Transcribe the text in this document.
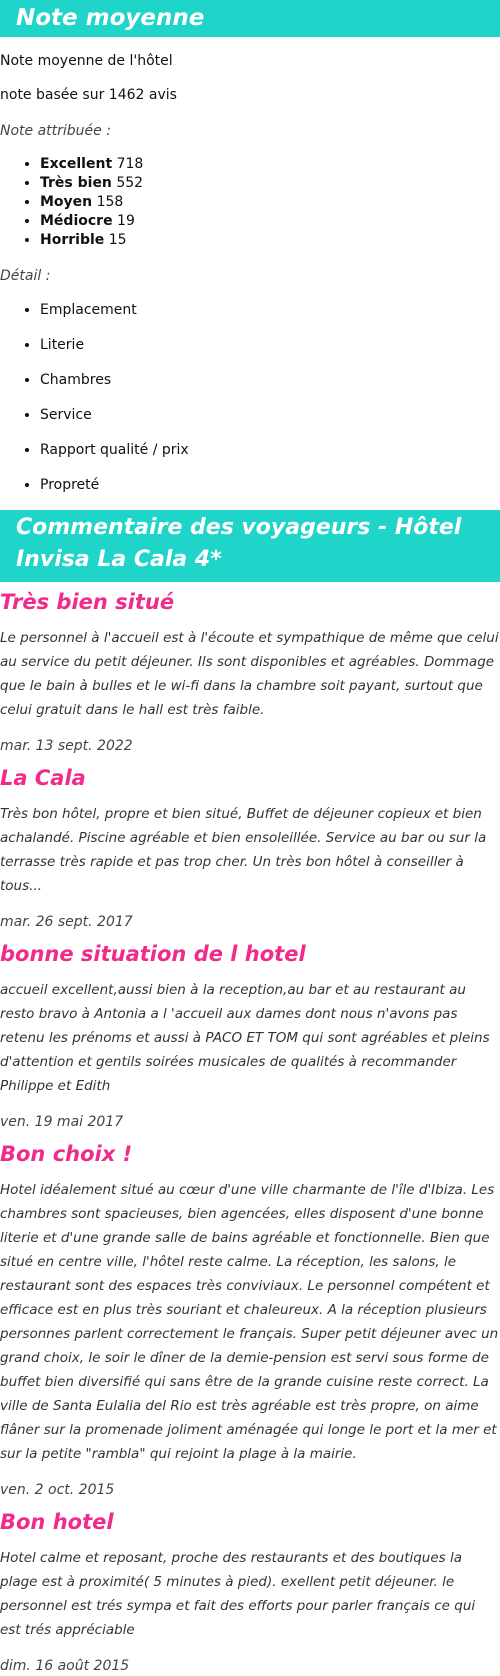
Note moyenne

Note moyenne de l'hôtel

note basée sur 1462 avis

Note attribuée :

• Excellent 718
• Très bien 552
• Moyen 158
• Médiocre 19
• Horrible 15

Détail :

• Emplacement
• Literie
• Chambres
• Service
• Rapport qualité / prix
• Propreté
Commentaire des voyageurs - Hôtel Invisa La Cala 4*
Très bien situé

Le personnel à l'accueil est à l'écoute et sympathique de même que celui au service du petit déjeuner. Ils sont disponibles et agréables. Dommage que le bain à bulles et le wi-fi dans la chambre soit payant, surtout que celui gratuit dans le hall est très faible.

mar. 13 sept. 2022

La Cala

Très bon hôtel, propre et bien situé, Buffet de déjeuner copieux et bien achalandé. Piscine agréable et bien ensoleillée. Service au bar ou sur la terrasse très rapide et pas trop cher. Un très bon hôtel à conseiller à tous...

mar. 26 sept. 2017

bonne situation de l hotel

accueil excellent,aussi bien à la reception,au bar et au restaurant au resto bravo à Antonia a l 'accueil aux dames dont nous n'avons pas retenu les prénoms et aussi à PACO ET TOM qui sont agréables et pleins d'attention et gentils soirées musicales de qualités à recommander Philippe et Edith

ven. 19 mai 2017

Bon choix !

Hotel idéalement situé au cœur d'une ville charmante de l'île d'Ibiza. Les chambres sont spacieuses, bien agencées, elles disposent d'une bonne literie et d'une grande salle de bains agréable et fonctionnelle. Bien que situé en centre ville, l'hôtel reste calme. La réception, les salons, le restaurant sont des espaces très conviviaux. Le personnel compétent et efficace est en plus très souriant et chaleureux. A la réception plusieurs personnes parlent correctement le français. Super petit déjeuner avec un grand choix, le soir le dîner de la demie-pension est servi sous forme de buffet bien diversifié qui sans être de la grande cuisine reste correct. La ville de Santa Eulalia del Rio est très agréable est très propre, on aime flâner sur la promenade joliment aménagée qui longe le port et la mer et sur la petite "rambla" qui rejoint la plage à la mairie.

ven. 2 oct. 2015

Bon hotel

Hotel calme et reposant, proche des restaurants et des boutiques la plage est à proximité( 5 minutes à pied). exellent petit déjeuner. le personnel est trés sympa et fait des efforts pour parler français ce qui est trés appréciable

dim. 16 août 2015
